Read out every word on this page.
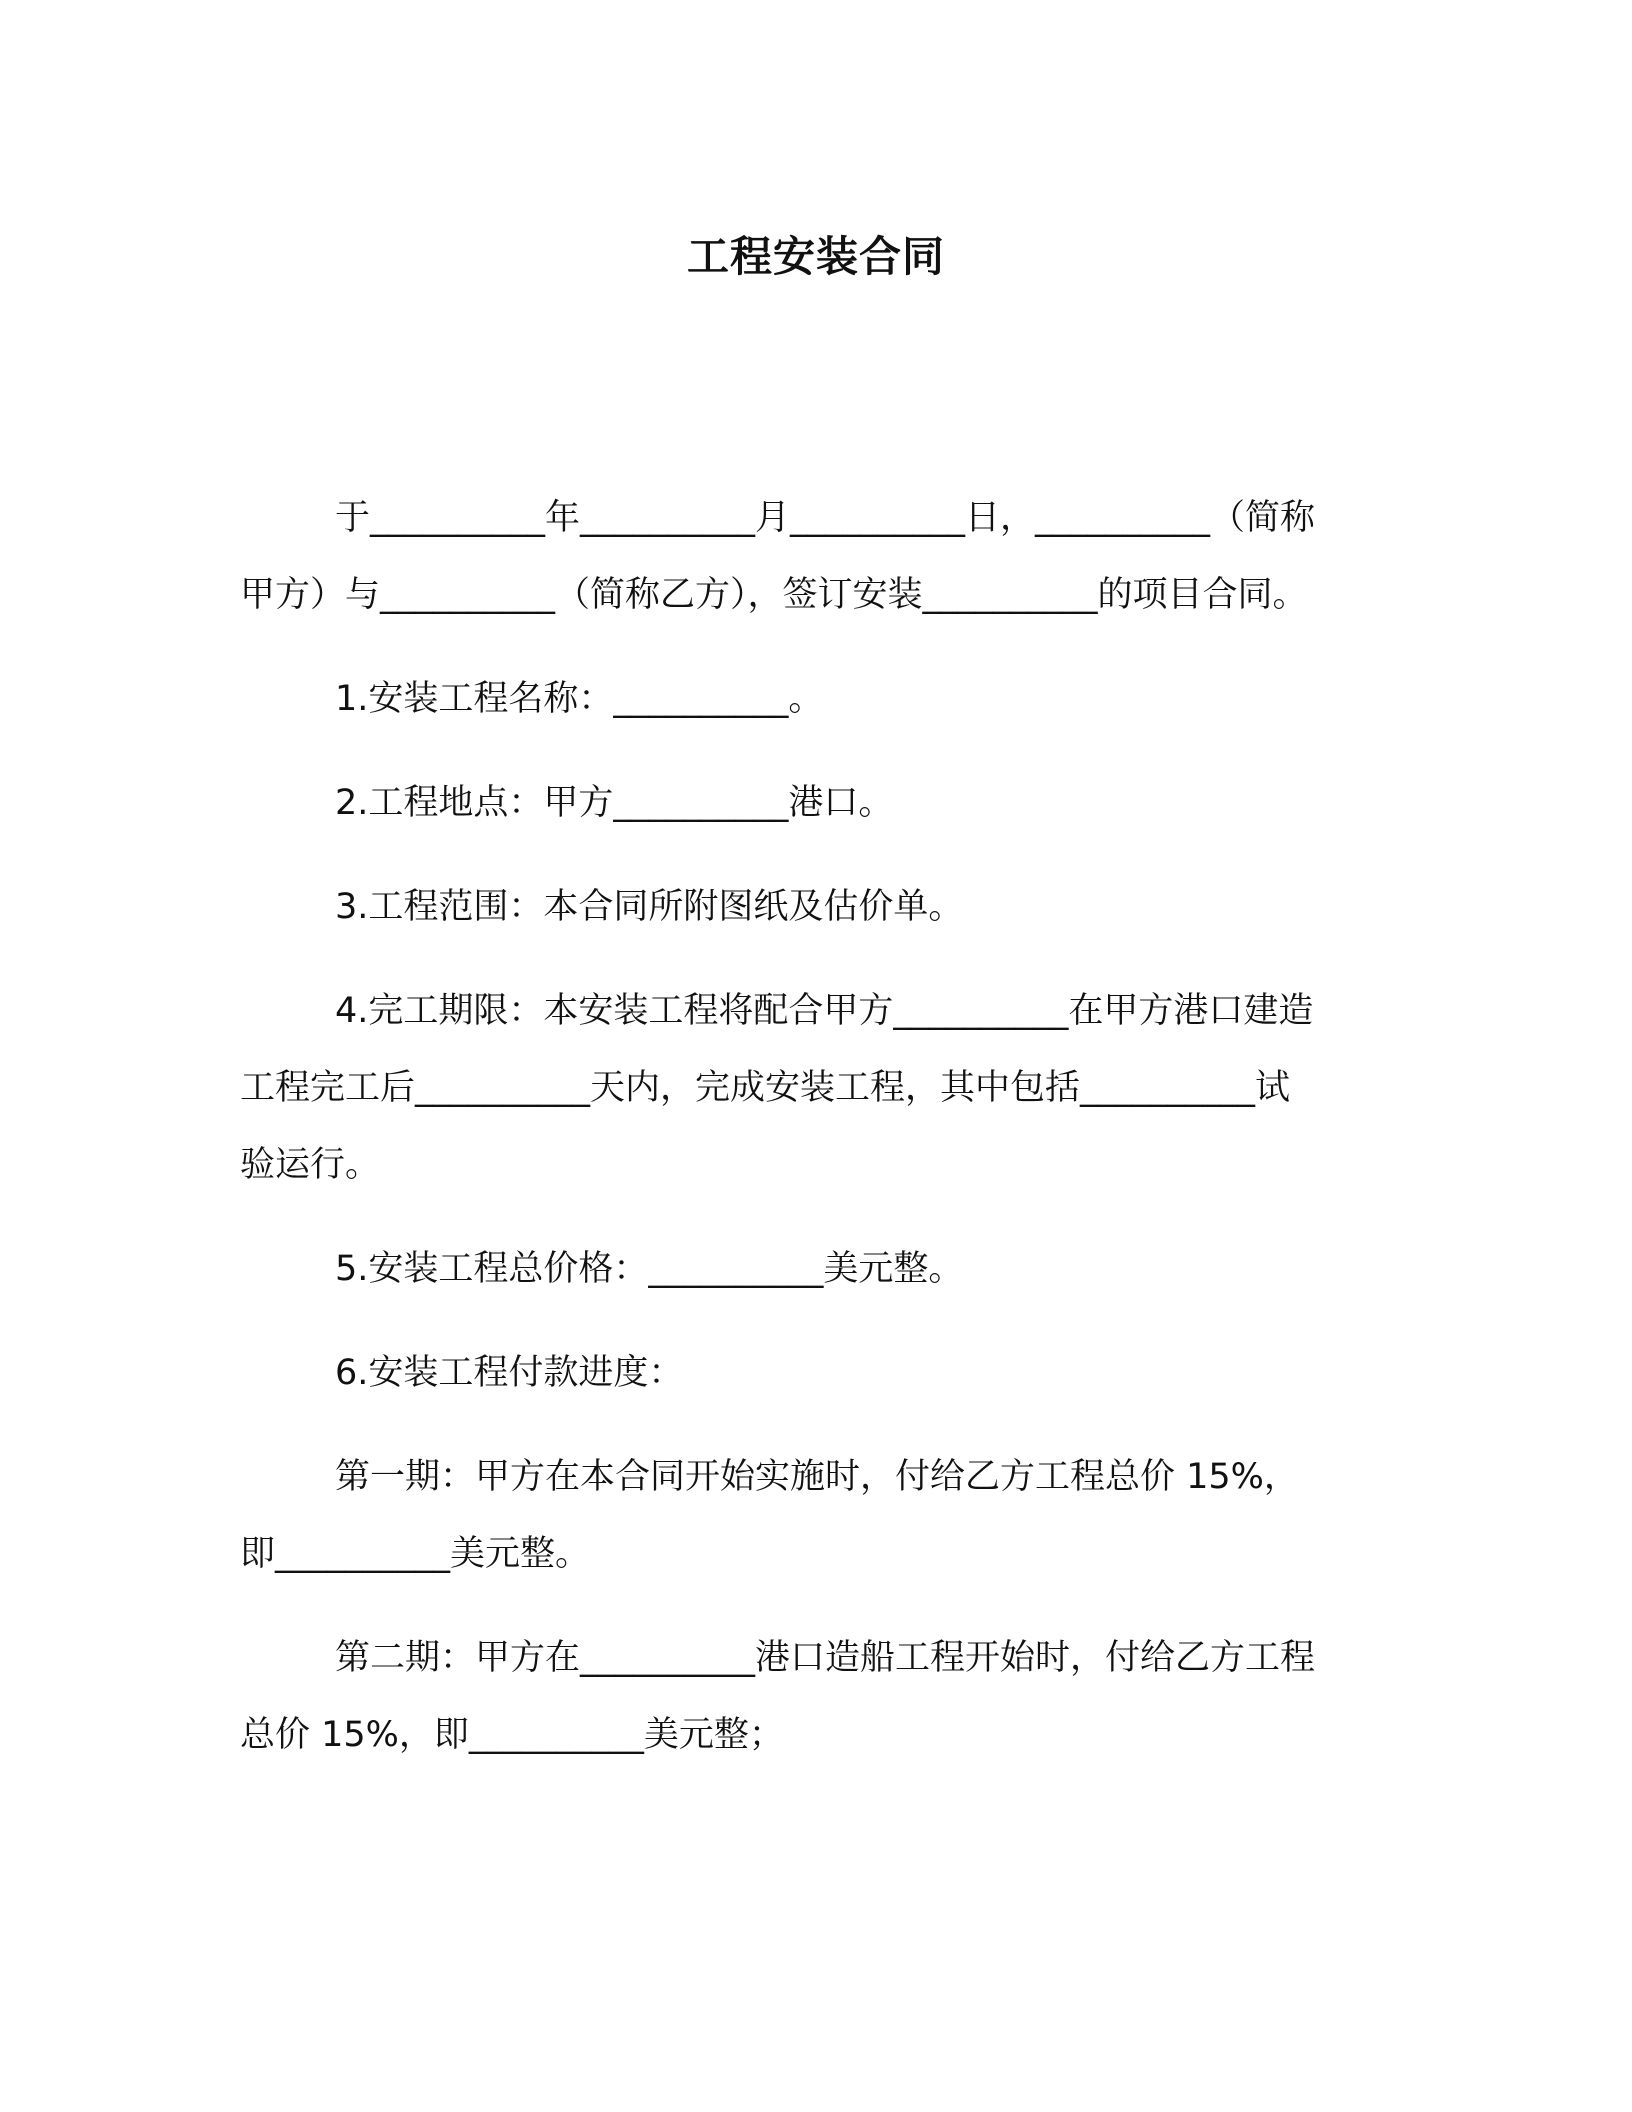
工程安装合同

于__________年__________月__________日，__________（简称
甲方）与__________（简称乙方），签订安装__________的项目合同。

1.安装工程名称：__________。

2.工程地点：甲方__________港口。

3.工程范围：本合同所附图纸及估价单。

4.完工期限：本安装工程将配合甲方__________在甲方港口建造
工程完工后__________天内，完成安装工程，其中包括__________试
验运行。

5.安装工程总价格：__________美元整。

6.安装工程付款进度：

第一期：甲方在本合同开始实施时，付给乙方工程总价 15%，
即__________美元整。

第二期：甲方在__________港口造船工程开始时，付给乙方工程
总价 15%，即__________美元整；
